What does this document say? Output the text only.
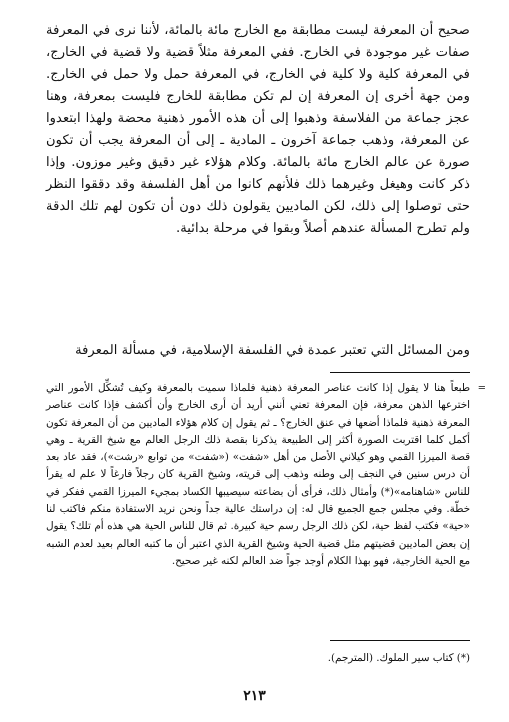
صحيح أن المعرفة ليست مطابقة مع الخارج مائة بالمائة، لأننا نرى في المعرفة صفات غير موجودة في الخارج. ففي المعرفة مثلاً قضية ولا قضية في الخارج، في المعرفة كلية ولا كلية في الخارج، في المعرفة حمل ولا حمل في الخارج. ومن جهة أخرى إن المعرفة إن لم تكن مطابقة للخارج فليست بمعرفة، وهنا عجز جماعة من الفلاسفة وذهبوا إلى أن هذه الأمور ذهنية محضة ولهذا ابتعدوا عن المعرفة، وذهب جماعة آخرون ـ المادية ـ إلى أن المعرفة يجب أن تكون صورة عن عالم الخارج مائة بالمائة. وكلام هؤلاء غير دقيق وغير موزون. وإذا ذكر كانت وهيغل وغيرهما ذلك فلأنهم كانوا من أهل الفلسفة وقد دققوا النظر حتى توصلوا إلى ذلك، لكن الماديين يقولون ذلك دون أن تكون لهم تلك الدقة ولم تطرح المسألة عندهم أصلاً وبقوا في مرحلة بدائية.

ومن المسائل التي تعتبر عمدة في الفلسفة الإسلامية، في مسألة المعرفة
=
طبعاً هنا لا يقول إذا كانت عناصر المعرفة ذهنية فلماذا سميت بالمعرفة وكيف تُشكِّل الأمور التي اخترعها الذهن معرفة، فإن المعرفة تعني أنني أريد أن أرى الخارج وأن أكشف فإذا كانت عناصر المعرفة ذهنية فلماذا أضعها في عنق الخارج؟ ـ ثم يقول إن كلام هؤلاء الماديين من أن المعرفة تكون أكمل كلما اقتربت الصورة أكثر إلى الطبيعة يذكرنا بقصة ذلك الرجل العالم مع شيخ القرية ـ وهي قصة الميرزا القمي وهو كيلاني الأصل من أهل «شفت» («شفت» من توابع «رشت»)، فقد عاد بعد أن درس سنين في النجف إلى وطنه وذهب إلى قريته، وشيخ القرية كان رجلاً فارغاً لا علم له يقرأ للناس «شاهنامه»(*) وأمثال ذلك، فرأى أن بضاعته سيصيبها الكساد بمجيء الميرزا القمي ففكر في خطّة. وفي مجلس جمع الجميع قال له: إن دراستك عالية جداً ونحن نريد الاستفادة منكم فاكتب لنا «حية» فكتب لفظ حية، لكن ذلك الرجل رسم حية كبيرة. ثم قال للناس الحية هي هذه أم تلك؟ يقول إن بعض الماديين قضيتهم مثل قضية الحية وشيخ القرية الذي اعتبر أن ما كتبه العالم بعيد لعدم الشبه مع الحية الخارجية، فهو بهذا الكلام أوجد جواً ضد العالم لكنه غير صحيح.
(*) كتاب سير الملوك. (المترجم).
٢١٣
